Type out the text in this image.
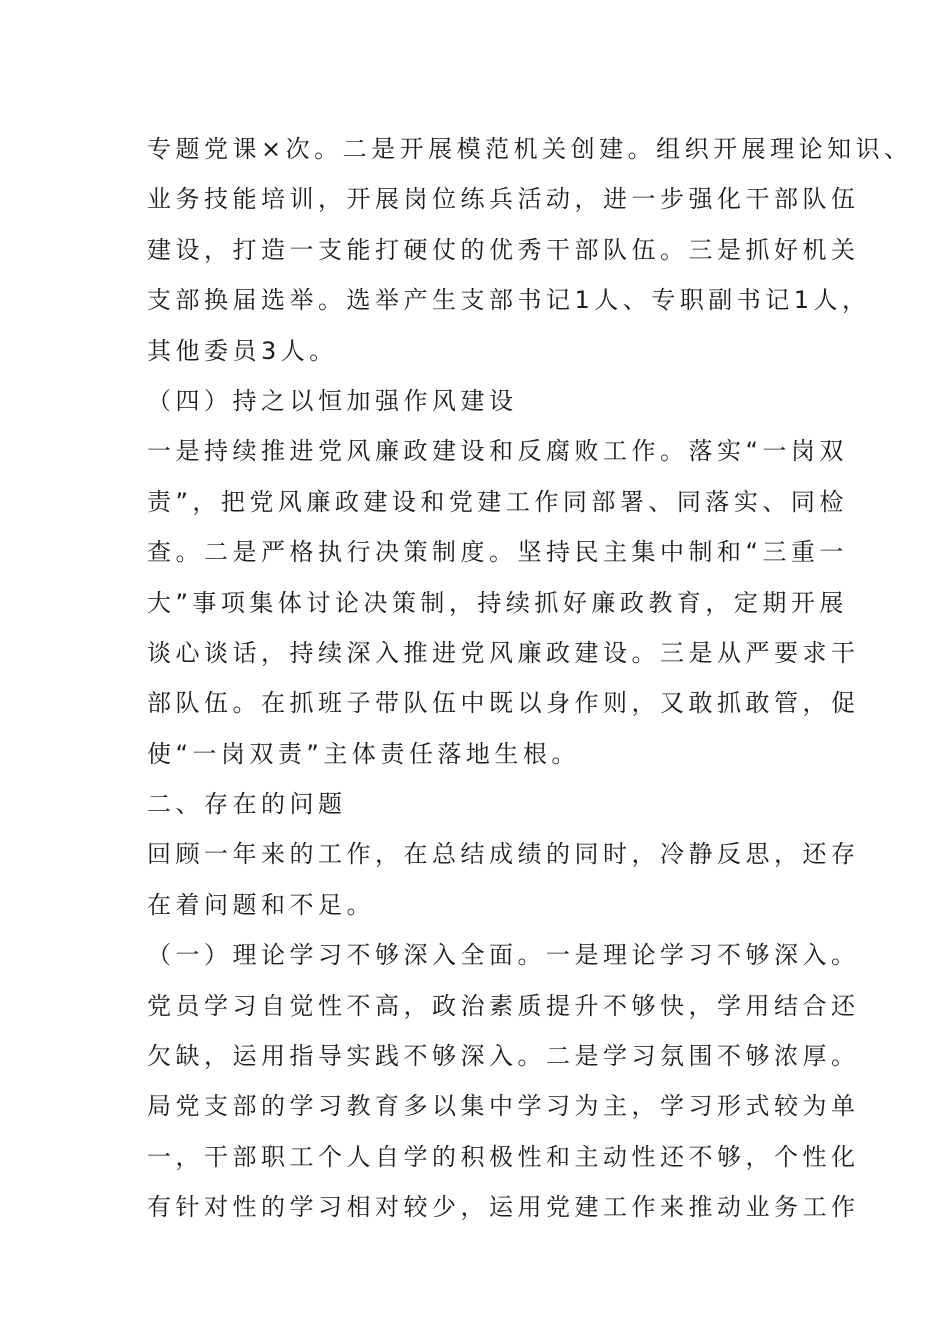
专题党课×次。二是开展模范机关创建。组织开展理论知识、
业务技能培训，开展岗位练兵活动，进一步强化干部队伍
建设，打造一支能打硬仗的优秀干部队伍。三是抓好机关
支部换届选举。选举产生支部书记1人、专职副书记1人，
其他委员3人。
（四）持之以恒加强作风建设
一是持续推进党风廉政建设和反腐败工作。落实“一岗双
责”，把党风廉政建设和党建工作同部署、同落实、同检
查。二是严格执行决策制度。坚持民主集中制和“三重一
大”事项集体讨论决策制，持续抓好廉政教育，定期开展
谈心谈话，持续深入推进党风廉政建设。三是从严要求干
部队伍。在抓班子带队伍中既以身作则，又敢抓敢管，促
使“一岗双责”主体责任落地生根。
二、存在的问题
回顾一年来的工作，在总结成绩的同时，冷静反思，还存
在着问题和不足。
（一）理论学习不够深入全面。一是理论学习不够深入。
党员学习自觉性不高，政治素质提升不够快，学用结合还
欠缺，运用指导实践不够深入。二是学习氛围不够浓厚。
局党支部的学习教育多以集中学习为主，学习形式较为单
一，干部职工个人自学的积极性和主动性还不够，个性化
有针对性的学习相对较少，运用党建工作来推动业务工作
